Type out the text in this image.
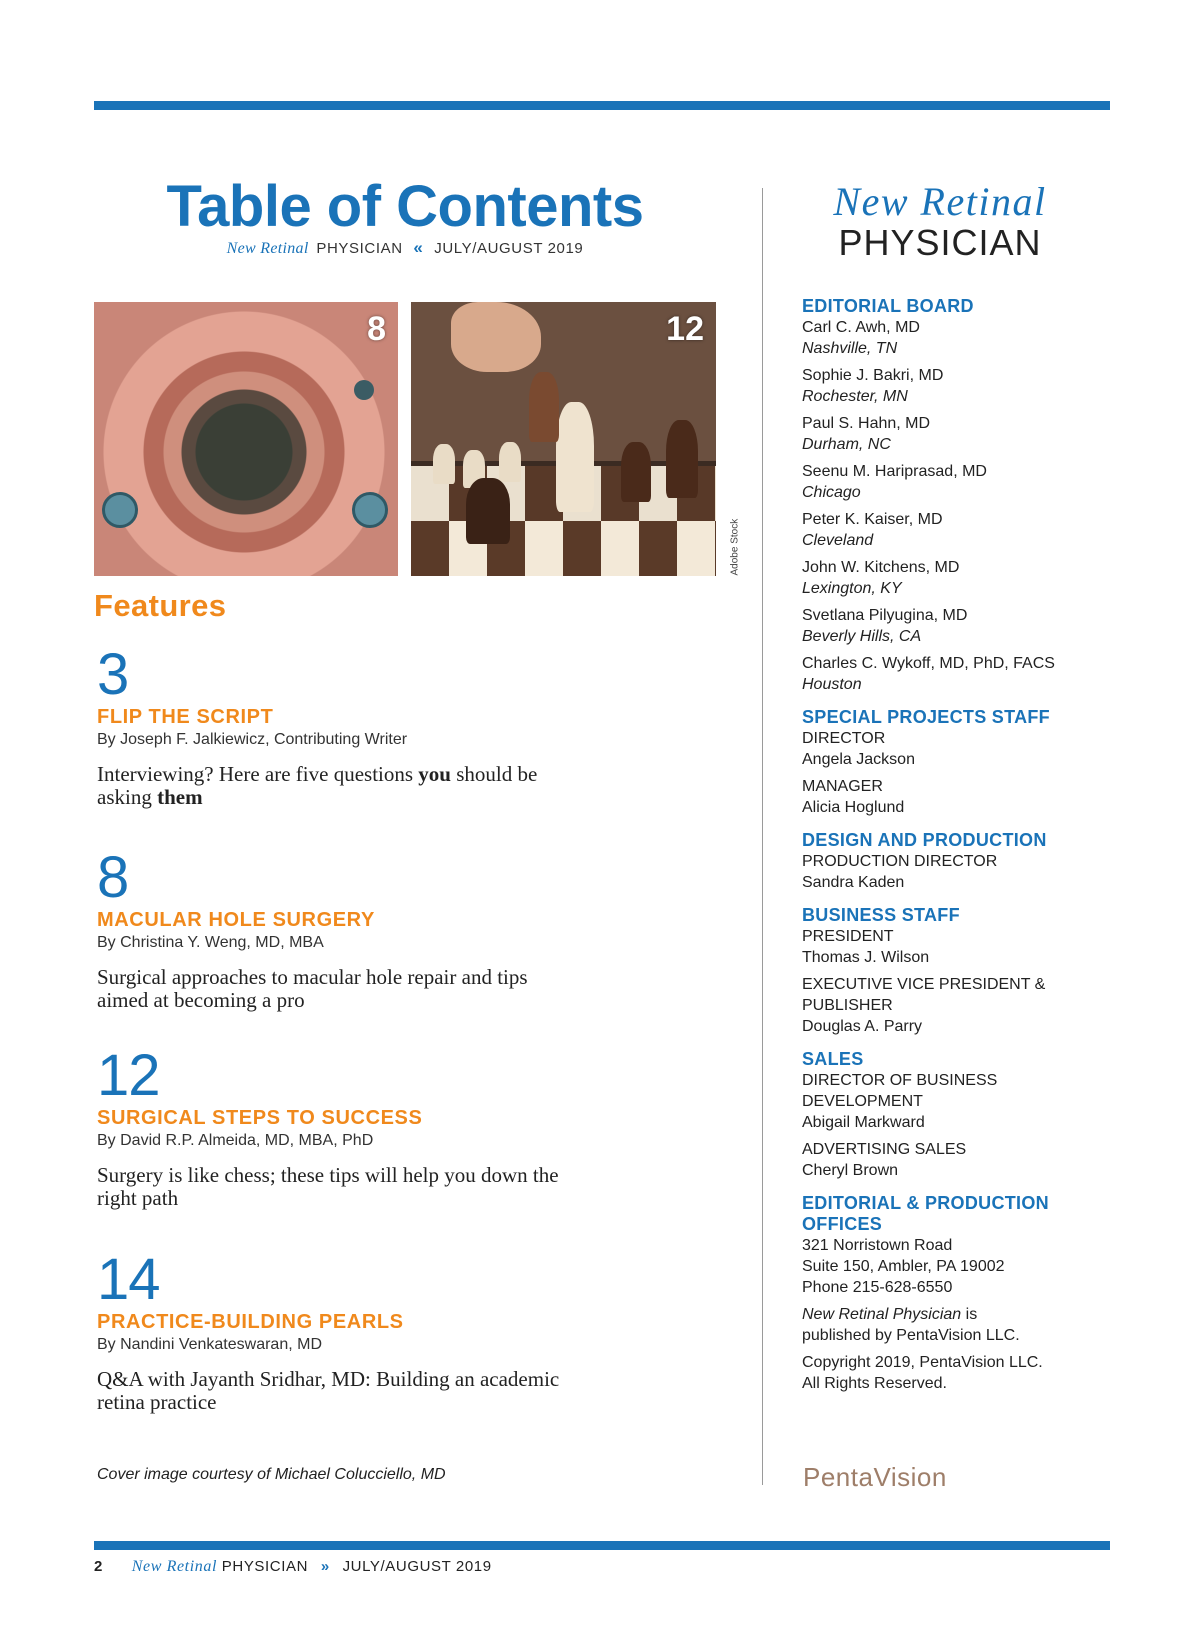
Table of Contents
New Retinal PHYSICIAN « JULY/AUGUST 2019
8	12
Adobe Stock
Features
3
FLIP THE SCRIPT
By Joseph F. Jalkiewicz, Contributing Writer
Interviewing? Here are five questions you should be asking them
8
MACULAR HOLE SURGERY
By Christina Y. Weng, MD, MBA
Surgical approaches to macular hole repair and tips aimed at becoming a pro
12
SURGICAL STEPS TO SUCCESS
By David R.P. Almeida, MD, MBA, PhD
Surgery is like chess; these tips will help you down the right path
14
PRACTICE-BUILDING PEARLS
By Nandini Venkateswaran, MD
Q&A with Jayanth Sridhar, MD: Building an academic retina practice
Cover image courtesy of Michael Colucciello, MD
New Retinal
PHYSICIAN
EDITORIAL BOARD
Carl C. Awh, MD
Nashville, TN
Sophie J. Bakri, MD
Rochester, MN
Paul S. Hahn, MD
Durham, NC
Seenu M. Hariprasad, MD
Chicago
Peter K. Kaiser, MD
Cleveland
John W. Kitchens, MD
Lexington, KY
Svetlana Pilyugina, MD
Beverly Hills, CA
Charles C. Wykoff, MD, PhD, FACS
Houston
SPECIAL PROJECTS STAFF
DIRECTOR
Angela Jackson
MANAGER
Alicia Hoglund
DESIGN AND PRODUCTION
PRODUCTION DIRECTOR
Sandra Kaden
BUSINESS STAFF
PRESIDENT
Thomas J. Wilson
EXECUTIVE VICE PRESIDENT & PUBLISHER
Douglas A. Parry
SALES
DIRECTOR OF BUSINESS DEVELOPMENT
Abigail Markward
ADVERTISING SALES
Cheryl Brown
EDITORIAL & PRODUCTION
OFFICES
321 Norristown Road
Suite 150, Ambler, PA 19002
Phone 215-628-6550
New Retinal Physician is
published by PentaVision LLC.
Copyright 2019, PentaVision LLC.
All Rights Reserved.
PentaVision
2 New Retinal PHYSICIAN » JULY/AUGUST 2019
